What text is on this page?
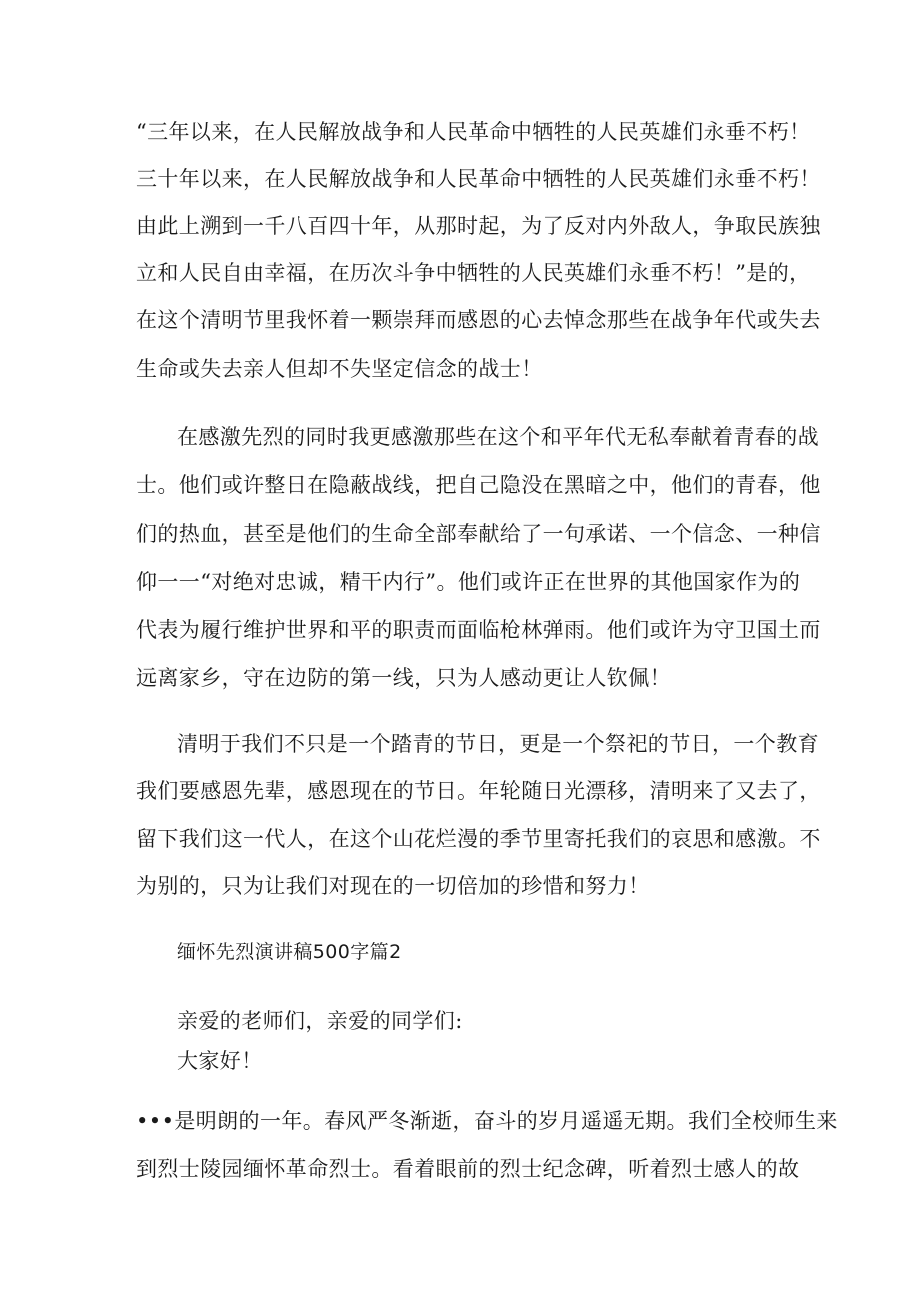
“三年以来，在人民解放战争和人民革命中牺牲的人民英雄们永垂不朽！
三十年以来，在人民解放战争和人民革命中牺牲的人民英雄们永垂不朽！
由此上溯到一千八百四十年，从那时起，为了反对内外敌人，争取民族独
立和人民自由幸福，在历次斗争中牺牲的人民英雄们永垂不朽！”是的，
在这个清明节里我怀着一颗崇拜而感恩的心去悼念那些在战争年代或失去
生命或失去亲人但却不失坚定信念的战士！
在感激先烈的同时我更感激那些在这个和平年代无私奉献着青春的战
士。他们或许整日在隐蔽战线，把自己隐没在黑暗之中，他们的青春，他
们的热血，甚至是他们的生命全部奉献给了一句承诺、一个信念、一种信
仰一一“对绝对忠诚，精干内行”。他们或许正在世界的其他国家作为的
代表为履行维护世界和平的职责而面临枪林弹雨。他们或许为守卫国土而
远离家乡，守在边防的第一线，只为人感动更让人钦佩！
清明于我们不只是一个踏青的节日，更是一个祭祀的节日，一个教育
我们要感恩先辈，感恩现在的节日。年轮随日光漂移，清明来了又去了，
留下我们这一代人，在这个山花烂漫的季节里寄托我们的哀思和感激。不
为别的，只为让我们对现在的一切倍加的珍惜和努力！
缅怀先烈演讲稿500字篇2
亲爱的老师们，亲爱的同学们:
大家好！
•••是明朗的一年。春风严冬渐逝，奋斗的岁月遥遥无期。我们全校师生来
到烈士陵园缅怀革命烈士。看着眼前的烈士纪念碑，听着烈士感人的故
